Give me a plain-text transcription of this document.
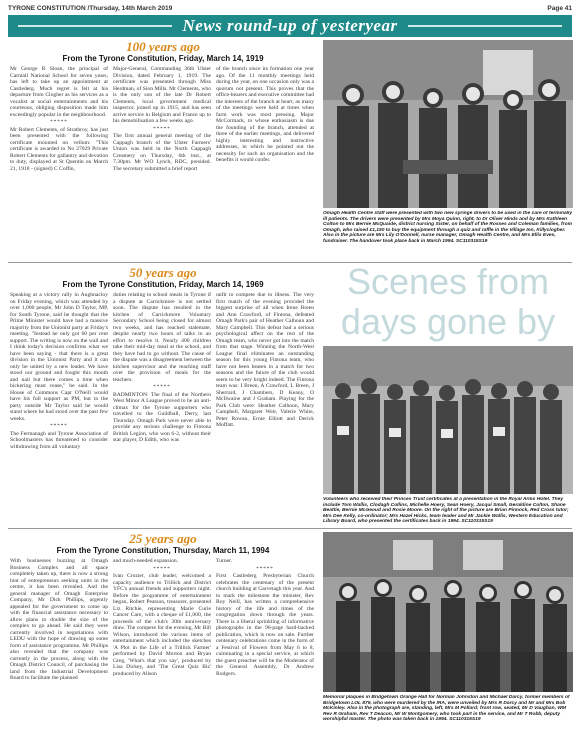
TYRONE CONSTITUTION /Thursday, 14th March 2019	Page 41
News round-up of yesteryear
100 years ago
From the Tyrone Constitution, Friday, March 14, 1919

Mr George B Sloan, the principal of Carntall National School for seven years, has left to take up an appointment at Castlederg. Much regret is felt at his departure from Clogher as his services as a vocalist at social entertainments and his courteous, obliging disposition made him exceedingly popular in the neighbourhood.

*****

Mr Robert Clements, of Strathroy, has just been presented with the following certificate mounted on vellum: "This certificate is awarded to No 27029 Private Robert Clements for gallantry and devotion to duty, displayed at St Quentin on March 21, 1918 - (signed) C Coffin,

Major-General, Commanding 36th Ulster Division, dated February 1, 1919. The certificate was presented through Miss Herdman, of Sion Mills. Mr Clements, who is the only son of the late Dr Robert Clements, local government medical inspector, joined up in 1915, and has seen active service in Belgium and France up to his demobilisation a few weeks ago.

*****

The first annual general meeting of the Cappagh branch of the Ulster Farmers' Union was held in the North Cappagh Creamery on Thursday, 6th inst., at 7.30pm. Mr WO Lynch, RDC, presided. The secretary submitted a brief report

of the branch since its formation one year ago. Of the 11 monthly meetings held during the year, on one occasion only was a quorum not present. This proves that the office-bearers and executive committee had the interests of the branch at heart, as many of the meetings were held at times when farm work was most pressing. Major McCormack, to whose enthusiasm is due the founding of the branch, attended at three of the earlier meetings, and delivered highly interesting and instructive addresses, in which he pointed out the necessity for such an organisation and the benefits it would confer.

Omagh Health Centre staff were presented with two new syringe drivers to be used in the care of terminally ill patients. The drivers were presented by Mrs Moya Quinn, right, to Dr Oliver Hinds and by Mrs Kathleen Colton to Mrs Bernie McQuaide, district nursing Sister, on behalf of the Rosses and Coleman families, from Omagh, who raised £1,150 to buy the equipment through a quiz and raffle in the Village Inn, Killyclogher. Also in the picture are Mrs Lily O'Donnell, nurse manager, Omagh Health Centre, and Mrs Ellis Eves, fundraiser. The handover took place back in March 1994. SC110315S19
50 years ago
From the Tyrone Constitution, Friday, March 14, 1969

Speaking at a victory rally in Aughnacloy on Friday evening, which was attended by over 1,000 people, Mr John D Taylor, MP, for South Tyrone, said he thought that the Prime Minister would have had a massive majority from the Unionist party at Friday's meeting. "Instead he only got 60 per cent support. The writing is now on the wall and I think today's decision confirms what we have been saying - that there is a great division in the Unionist Party and it can only be united by a new leader. We have stood our ground and fought this month and nail but there comes a time when bickering must cease," he said. In the House of Commons Capt O'Neill would have his full support as PM, but in the party outside Mr Taylor said he would stand where he had stood over the past few weeks.

*****

The Fermanagh and Tyrone Association of Schoolmasters has threatened to consider withdrawing from all voluntary

duties relating to school meals in Tyrone if a dispute at Carrickmore is not settled soon. The dispute has resulted in the kitchen of Carrickmore Voluntary Secondary School being closed for almost two weeks, and has reached stalemate, despite nearly two hours of talks in an effort to resolve it. Nearly 400 children take their mid-day meal at the school, and they have had to go without. The cause of the dispute was a disagreement between the kitchen supervisor and the teaching staff over the provision of meals for the teachers.

*****

BADMINTON: The final of the Northern West Minor A League proved to be an anti-climax for the Tyrone supporters who travelled to the Guildhall, Derry, last Thursday. Omagh Park were never able to provide any serious challenge to Fintona British Legion, who won 6-2, without their star player, D Edith, who was

unfit to compete due to illness. The very first match of the evening provided the biggest surprise of all when Irene Breen and Ann Crawford, of Fintona, defeated Omagh Park's pair of Heather Calhoun and Mary Campbell. This defeat had a serious psychological affect on the rest of the Omagh team, who never got into the match from that stage. Winning the North-West League final eliminates an outstanding season for this young Fintona team, who have not been beaten in a match for two seasons and the future of the club would seem to be very bright indeed. The Fintona team was: I Breen, A Crawford, L Breen, J Sherrard, J Chambers, D Keany, O McIlwaine and J Graham. Playing for the Park Club were: Heather Calhoun, Mary Campbell, Margaret Weir, Valerie White, Peter Rowan, Ernie Elliott and Derick Moffatt.

Scenes from
days gone by
Volunteers who received their Princes Trust certificates at a presentation in the Royal Arms Hotel. They include Tom Wallis, Clodagh Collins, Michelle Hoery, Sean Hoery, Jacqui Small, Geraldine Colton, Shane Beattie, Bernie McGeoud and Rosie Moore. On the right of the picture are Brian Pinnock, Red Cross tutor; Mrs Dee Kelly, co-ordinator; Mrs Hazel Hicks, team leader and Mr Jackie Wallis, Western Education and Library Board, who presented the certificates back in 1994. SC110315S19
25 years ago
From the Tyrone Constitution, Thursday, March 11, 1994

With businesses buzzing at Omagh Business Complex and all space completely taken up, there is now a strong hint of entrepreneurs seeking units in the centre, it has been revealed. And the general manager of Omagh Enterprise Company, Mr Dick Phillips, urgently appealed for the government to come up with the financial assistance necessary to allow plans to double the size of the complex to go ahead. He said they were currently involved in negotiations with LEDU with the hope of drawing up some form of assistance programme. Mr Phillips also revealed that the company was currently in the process, along with the Omagh District Council, of purchasing the land from the Industrial Development Board to facilitate the planned

and much-needed expansion.

*****

Ivan Crozier, club leader, welcomed a capacity audience to Trillick and District YFC's annual friends and supporters night. Before the programme of entertainment began, Robert Pearson, treasurer, presented Liz Ritchie, representing Marie Curie Cancer Care, with a cheque of £1,000, the proceeds of the club's 30th anniversary draw. The compere for the evening, Mr Bill Wilson, introduced the various items of entertainment which included the sketches 'A Plot in the Life of a Trillick Farmer' performed by David Morton and Bryan Greg, 'What's that you say', produced by Lisa Dickey, and 'The Great Quiz Biz' produced by Alison

Turner.

*****

First Castlederg Presbyterian Church celebrates the centenary of the present church building at Garvetagh this year. And to mark the milestone the minister, Rev Roy Neill, has written a comprehensive history of the life and times of the congregation down through the years. There is a liberal sprinkling of informative photographs in the 96-page hard-backed publication, which is now on sale. Further centenary celebrations come in the form of a Festival of Flowers from May 6 to 8, culminating in a special service, at which the guest preacher will be the Moderator of the General Assembly, Dr Andrew Rodgers.

Memorial plaques in Bridgetown Orange Hall for Norman Johnston and Michael Darcy, former members of Bridgetown LOL 879, who were murdered by the IRA, were unveiled by Mrs R Darcy and Mr and Mrs Bob McKinley. Also in the photograph are, standing, left, Mrs M Pollard; front row, seated, Mr D Vaughan, WM Rev R Graham, Rev T Deacon, Mr W Montgomery, who took part in the service, and Mr T Robb, deputy worshipful master. The photo was taken back in 1994. SC110315S19
